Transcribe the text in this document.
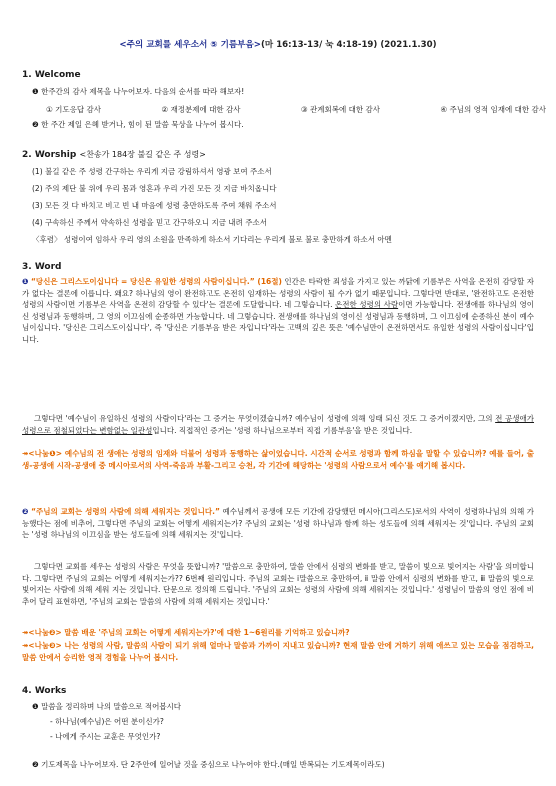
<주의 교회를 세우소서 ⑤ 기름부음>(마 16:13-13/ 눅 4:18-19) (2021.1.30)
1. Welcome
❶ 한주간의 감사 제목을 나누어보자. 다음의 순서를 따라 해보자!
① 기도응답 감사	② 재정분제에 대한 감사	③ 관계회복에 대한 감사	④ 주님의 영적 임재에 대한 감사
❷ 한 주간 제일 은혜 받거나, 힘이 된 말씀 묵상을 나누어 봅시다.
2. Worship <찬송가 184장 불길 같은 주 성령>
(1) 불길 같은 주 성령 간구하는 우리게 지금 강림하셔서 영광 보여 주소서
(2) 주의 제단 불 위에 우리 몸과 영혼과 우리 가진 모든 것 지금 바치옵니다
(3) 모든 것 다 바치고 비고 빈 내 마음에 성령 충만하도록 주여 채워 주소서
(4) 구속하신 주께서 약속하신 성령을 믿고 간구하오니 지금 내려 주소서
〈후렴〉 성령이여 임하사 우리 영의 소원을 만족하게 하소서 기다리는 우리게 불로 불로 충만하게 하소서 아멘
3. Word
❶ “당신은 그리스도이십니다 = 당신은 유일한 성령의 사람이십니다.” (16절) 인간은 타락한 죄성을 가지고 있는 까닭에 기름부은 사역을 온전히 감당할 자가 없다는 결론에 이릅니다. 왜요? 하나님의 영이 완전하고도 온전히 임재하는 성령의 사람이 될 수가 없기 때문입니다. 그렇다면 반대로, '완전하고도 온전한 성령의 사람이면 기름부은 사역을 온전히 감당할 수 있다'는 결론에 도달합니다. 네 그렇습니다. 온전한 성령의 사람이면 가능합니다. 전생애를 하나님의 영이신 성령님과 동행하며, 그 영의 이끄심에 순종하면 가능합니다. 네 그렇습니다. 전생애를 하나님의 영이신 성령님과 동행하며, 그 이끄심에 순종하신 분이 예수님이십니다. '당신은 그리스도이십니다', 즉 '당신은 기름부음 받은 자입니다'라는 고백의 깊은 뜻은 '예수님만이 온전하면서도 유일한 성령의 사람이십니다'입니다.
그렇다면 '예수님이 유일하신 성령의 사람이다'라는 그 증거는 무엇이겠습니까? 예수님이 성령에 의해 잉태 되신 것도 그 증거이겠지만, 그의 전 공생애가 성령으로 점철되었다는 변함없는 일관성입니다. 직접적인 증거는 '성령 하나님으로부터 직접 기름부음'을 받은 것입니다.
↠<나눔❶> 예수님의 전 생애는 성령의 임재와 더불어 성령과 동행하는 삶이었습니다. 시간적 순서로 성령과 함께 하심을 말할 수 있습니까? 예를 들어, 출생-공생애 시작-공생애 중 메시아로서의 사역-죽음과 부활-그리고 승천, 각 기간에 해당하는 '성령의 사람으로서 예수'를 얘기해 봅시다.
❷ “주님의 교회는 성령의 사람에 의해 세워지는 것입니다.” 예수님께서 공생애 모든 기간에 감당했던 메시아(그리스도)로서의 사역이 성령하나님의 의해 가능했다는 점에 비추어, 그렇다면 주님의 교회는 어떻게 세워지는가? 주님의 교회는 '성령 하나님과 함께 하는 성도들에 의해 세워지는 것'입니다. 주님의 교회는 '성령 하나님의 이끄심을 받는 성도들에 의해 세워지는 것'입니다.
그렇다면 교회를 세우는 성령의 사람은 무엇을 뜻합니까? '말씀으로 충만하여, 말씀 안에서 심령의 변화를 받고, 말씀이 빛으로 빛어지는 사람'을 의미합니다. 그렇다면 주님의 교회는 어떻게 세워지는가?? 6번째 원리입니다. 주님의 교회는 ⅰ말씀으로 충만하여, ⅱ 말씀 안에서 심령의 변화를 받고, ⅲ 말씀의 빛으로 빛어지는 사람에 의해 세워 지는 것입니다. 단문으로 정의해 드립니다. '주님의 교회는 성령의 사람에 의해 세워지는 것입니다.' 성령님이 말씀의 영인 점에 비추어 달리 표현하면, '주님의 교회는 말씀의 사람에 의해 세워지는 것입니다.'
↠<나눔❷> 말씀 배운 '주님의 교회는 어떻게 세워지는가?'에 대한 1~6원리를 기억하고 있습니까?
↠<나눔❸> 나는 성령의 사람, 말씀의 사람이 되기 위해 얼마나 말씀과 가까이 지내고 있습니까? 현재 말씀 안에 거하기 위해 애쓰고 있는 모습을 점검하고, 말씀 안에서 승리한 영적 경험을 나누어 봅시다.
4. Works
❶ 말씀을 정리하며 나의 말씀으로 적어봅시다
- 하나님(예수님)은 어떤 분이신가?
- 나에게 주시는 교훈은 무엇인가?
❷ 기도제목을 나누어보자. 단 2주안에 일어날 것을 중심으로 나누어야 한다.(매일 반복되는 기도제목이라도)
